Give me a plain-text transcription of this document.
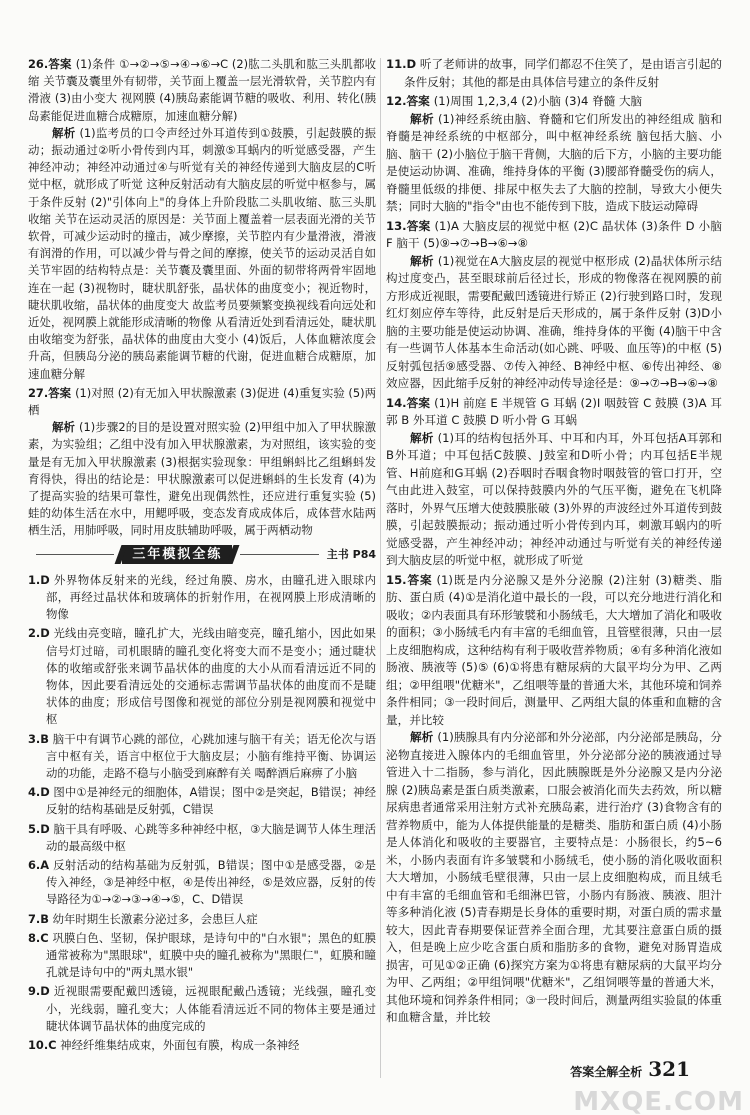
26.答案 (1)条件 ①→②→⑤→④→⑥→C (2)肱二头肌和肱三头肌都收缩 关节囊及囊里外有韧带，关节面上覆盖一层光滑软骨，关节腔内有滑液 (3)由小变大 视网膜 (4)胰岛素能调节糖的吸收、利用、转化(胰岛素能促进血糖合成糖原，加速血糖分解)
解析 (1)监考员的口令声经过外耳道传到①鼓膜，引起鼓膜的振动；振动通过②听小骨传到内耳，刺激⑤耳蜗内的听觉感受器，产生神经冲动；神经冲动通过④与听觉有关的神经传递到大脑皮层的C听觉中枢，就形成了听觉 这种反射活动有大脑皮层的听觉中枢参与，属于条件反射 (2)"引体向上"的身体上升阶段肱二头肌收缩、肱三头肌收缩 关节在运动灵活的原因是：关节面上覆盖着一层表面光滑的关节软骨，可减少运动时的撞击，减少摩擦，关节腔内有少量滑液，滑液有润滑的作用，可以减少骨与骨之间的摩擦，使关节的运动灵活自如 关节牢固的结构特点是：关节囊及囊里面、外面的韧带将两骨牢固地连在一起 (3)视物时，睫状肌舒张，晶状体的曲度变小；视近物时，睫状肌收缩，晶状体的曲度变大 故监考员要频繁变换视线看向远处和近处，视网膜上就能形成清晰的物像 从看清近处到看清远处，睫状肌由收缩变为舒张，晶状体的曲度由大变小 (4)饭后，人体血糖浓度会升高，但胰岛分泌的胰岛素能调节糖的代谢，促进血糖合成糖原，加速血糖分解
27.答案 (1)对照 (2)有无加入甲状腺激素 (3)促进 (4)重复实验 (5)两栖
解析 (1)步骤2的目的是设置对照实验 (2)甲组中加入了甲状腺激素，为实验组；乙组中没有加入甲状腺激素，为对照组，该实验的变量是有无加入甲状腺激素 (3)根据实验现象：甲组蝌蚪比乙组蝌蚪发育得快，得出的结论是：甲状腺激素可以促进蝌蚪的生长发育 (4)为了提高实验的结果可靠性，避免出现偶然性，还应进行重复实验 (5)蛙的幼体生活在水中，用鳃呼吸，变态发育成成体后，成体营水陆两栖生活，用肺呼吸，同时用皮肤辅助呼吸，属于两栖动物
三年模拟全练	主书 P84
1.D 外界物体反射来的光线，经过角膜、房水，由瞳孔进入眼球内部，再经过晶状体和玻璃体的折射作用，在视网膜上形成清晰的物像
2.D 光线由亮变暗，瞳孔扩大，光线由暗变亮，瞳孔缩小，因此如果信号灯过暗，司机眼睛的瞳孔变化将变大而不是变小；通过睫状体的收缩或舒张来调节晶状体的曲度的大小从而看清远近不同的物体，因此要看清远处的交通标志需调节晶状体的曲度而不是睫状体的曲度；形成信号图像和视觉的部位分别是视网膜和视觉中枢
3.B 脑干中有调节心跳的部位，心跳加速与脑干有关；语无伦次与语言中枢有关，语言中枢位于大脑皮层；小脑有维持平衡、协调运动的功能，走路不稳与小脑受到麻醉有关 喝醉酒后麻痹了小脑
4.D 图中①是神经元的细胞体，A错误；图中②是突起，B错误；神经反射的结构基础是反射弧，C错误
5.D 脑干具有呼吸、心跳等多种神经中枢，③大脑是调节人体生理活动的最高级中枢
6.A 反射活动的结构基础为反射弧，B错误；图中①是感受器，②是传入神经，③是神经中枢，④是传出神经，⑤是效应器，反射的传导路径为①→②→③→④→⑤，C、D错误
7.B 幼年时期生长激素分泌过多，会患巨人症
8.C 巩膜白色、坚韧，保护眼球，是诗句中的"白水银"；黑色的虹膜通常被称为"黑眼球"，虹膜中央的瞳孔被称为"黑眼仁"，虹膜和瞳孔就是诗句中的"两丸黑水银"
9.D 近视眼需要配戴凹透镜，远视眼配戴凸透镜；光线强，瞳孔变小，光线弱，瞳孔变大；人体能看清远近不同的物体主要是通过睫状体调节晶状体的曲度完成的
10.C 神经纤维集结成束，外面包有膜，构成一条神经
11.D 听了老师讲的故事，同学们都忍不住笑了，是由语言引起的条件反射；其他的都是由具体信号建立的条件反射
12.答案 (1)周围 1,2,3,4 (2)小脑 (3)4 脊髓 大脑
解析 (1)神经系统由脑、脊髓和它们所发出的神经组成 脑和脊髓是神经系统的中枢部分，叫中枢神经系统 脑包括大脑、小脑、脑干 (2)小脑位于脑干背侧，大脑的后下方，小脑的主要功能是使运动协调、准确，维持身体的平衡 (3)腰部脊髓受伤的病人，脊髓里低级的排便、排尿中枢失去了大脑的控制，导致大小便失禁；同时大脑的"指令"由也不能传到下肢，造成下肢运动障碍
13.答案 (1)A 大脑皮层的视觉中枢 (2)C 晶状体 (3)条件 D 小脑 F 脑干 (5)⑨→⑦→B→⑥→⑧
解析 (1)视觉在A大脑皮层的视觉中枢形成 (2)晶状体所示结构过度变凸，甚至眼球前后径过长，形成的物像落在视网膜的前方形成近视眼，需要配戴凹透镜进行矫正 (2)行驶到路口时，发现红灯刻应停车等待，此反射是后天形成的，属于条件反射 (3)D小脑的主要功能是使运动协调、准确，维持身体的平衡 (4)脑干中含有一些调节人体基本生命活动(如心跳、呼吸、血压等)的中枢 (5)反射弧包括⑨感受器、⑦传入神经、B神经中枢、⑥传出神经、⑧效应器，因此缩手反射的神经冲动传导途径是：⑨→⑦→B→⑥→⑧
14.答案 (1)H 前庭 E 半规管 G 耳蜗 (2)I 咽鼓管 C 鼓膜 (3)A 耳郭 B 外耳道 C 鼓膜 D 听小骨 G 耳蜗
解析 (1)耳的结构包括外耳、中耳和内耳，外耳包括A耳郭和B外耳道；中耳包括C鼓膜、J鼓室和D听小骨；内耳包括E半规管、H前庭和G耳蜗 (2)吞咽时吞咽食物时咽鼓管的管口打开，空气由此进入鼓室，可以保持鼓膜内外的气压平衡，避免在飞机降落时，外界气压增大使鼓膜胀破 (3)外界的声波经过外耳道传到鼓膜，引起鼓膜振动；振动通过听小骨传到内耳，刺激耳蜗内的听觉感受器，产生神经冲动；神经冲动通过与听觉有关的神经传递到大脑皮层的听觉中枢，就形成了听觉
15.答案 (1)既是内分泌腺又是外分泌腺 (2)注射 (3)糖类、脂肪、蛋白质 (4)①是消化道中最长的一段，可以充分地进行消化和吸收；②内表面具有环形皱襞和小肠绒毛，大大增加了消化和吸收的面积；③小肠绒毛内有丰富的毛细血管，且管壁很薄，只由一层上皮细胞构成，这种结构有利于吸收营养物质；④有多种消化液如肠液、胰液等 (5)⑤ (6)①将患有糖尿病的大鼠平均分为甲、乙两组；②甲组喂"优糖米"，乙组喂等量的普通大米，其他环境和饲养条件相同；③一段时间后，测量甲、乙两组大鼠的体重和血糖的含量，并比较
解析 (1)胰腺具有内分泌部和外分泌部，内分泌部是胰岛，分泌物直接进入腺体内的毛细血管里，外分泌部分泌的胰液通过导管进入十二指肠，参与消化，因此胰腺既是外分泌腺又是内分泌腺 (2)胰岛素是蛋白质类激素，口服会被消化而失去药效，所以糖尿病患者通常采用注射方式补充胰岛素，进行治疗 (3)食物含有的营养物质中，能为人体提供能量的是糖类、脂肪和蛋白质 (4)小肠是人体消化和吸收的主要器官，主要特点是：小肠很长，约5~6米，小肠内表面有许多皱襞和小肠绒毛，使小肠的消化吸收面积大大增加，小肠绒毛壁很薄，只由一层上皮细胞构成，而且绒毛中有丰富的毛细血管和毛细淋巴管，小肠内有肠液、胰液、胆汁等多种消化液 (5)青春期是长身体的重要时期，对蛋白质的需求量较大，因此青春期要保证营养全面合理，尤其要注意蛋白质的摄入，但是晚上应少吃含蛋白质和脂肪多的食物，避免对肠胃造成损害，可见①②正确 (6)探究方案为①将患有糖尿病的大鼠平均分为甲、乙两组；②甲组饲喂"优糖米"，乙组饲喂等量的普通大米，其他环境和饲养条件相同；③一段时间后，测量两组实验鼠的体重和血糖含量，并比较
答案全解全析 321
MXQE.COM
